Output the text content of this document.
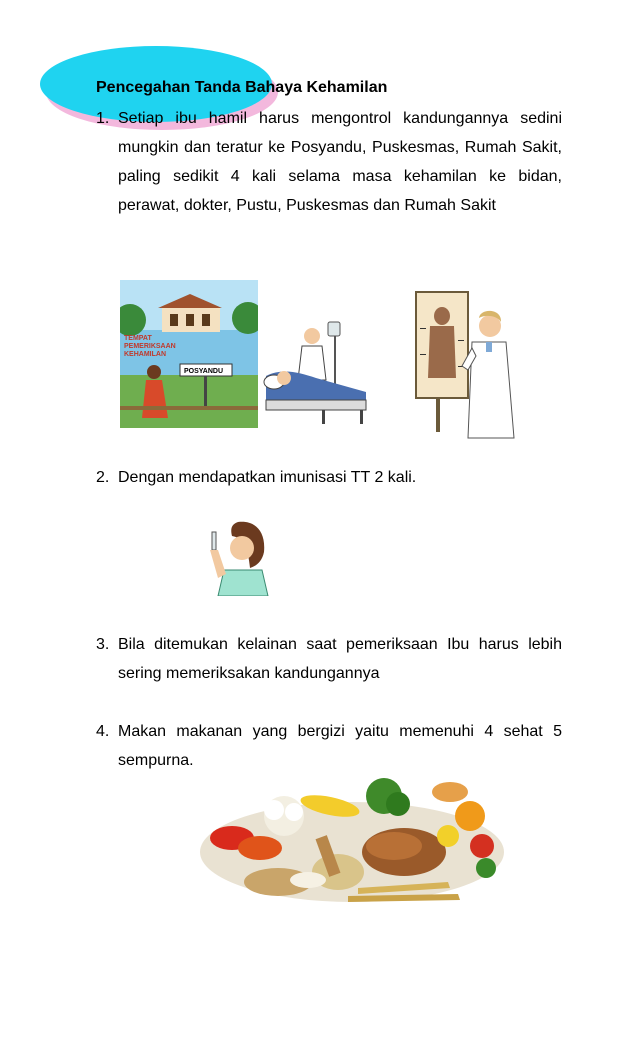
Pencegahan Tanda Bahaya Kehamilan
1. Setiap ibu hamil harus mengontrol kandungannya sedini mungkin dan teratur ke Posyandu, Puskesmas, Rumah Sakit, paling sedikit 4 kali selama masa kehamilan ke bidan, perawat, dokter, Pustu, Puskesmas dan Rumah Sakit
TEMPAT
PEMERIKSAAN
KEHAMILAN
POSYANDU
2. Dengan mendapatkan imunisasi TT 2 kali.
3. Bila ditemukan kelainan saat pemeriksaan Ibu harus lebih sering memeriksakan kandungannya
4. Makan makanan yang bergizi yaitu memenuhi 4 sehat 5 sempurna.
